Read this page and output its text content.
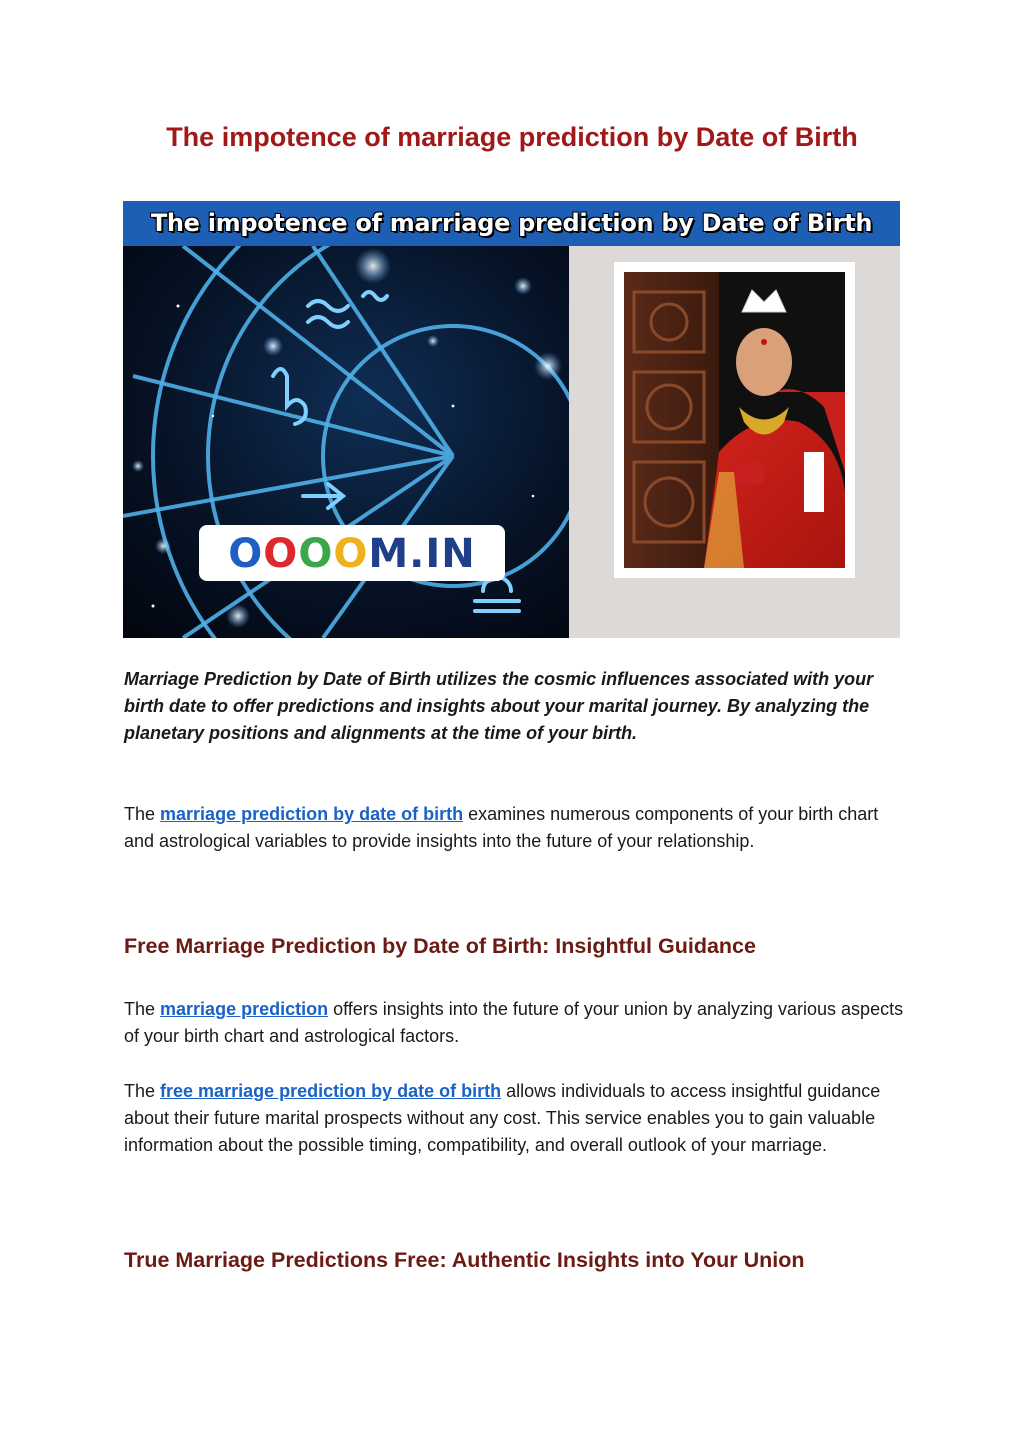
The impotence of marriage prediction by Date of Birth
The impotence of marriage prediction by Date of Birth
OOOOM.IN

Marriage Prediction by Date of Birth utilizes the cosmic influences associated with your birth date to offer predictions and insights about your marital journey. By analyzing the planetary positions and alignments at the time of your birth.

The marriage prediction by date of birth examines numerous components of your birth chart and astrological variables to provide insights into the future of your relationship.

Free Marriage Prediction by Date of Birth: Insightful Guidance

The marriage prediction offers insights into the future of your union by analyzing various aspects of your birth chart and astrological factors.

The free marriage prediction by date of birth allows individuals to access insightful guidance about their future marital prospects without any cost. This service enables you to gain valuable information about the possible timing, compatibility, and overall outlook of your marriage.

True Marriage Predictions Free: Authentic Insights into Your Union
